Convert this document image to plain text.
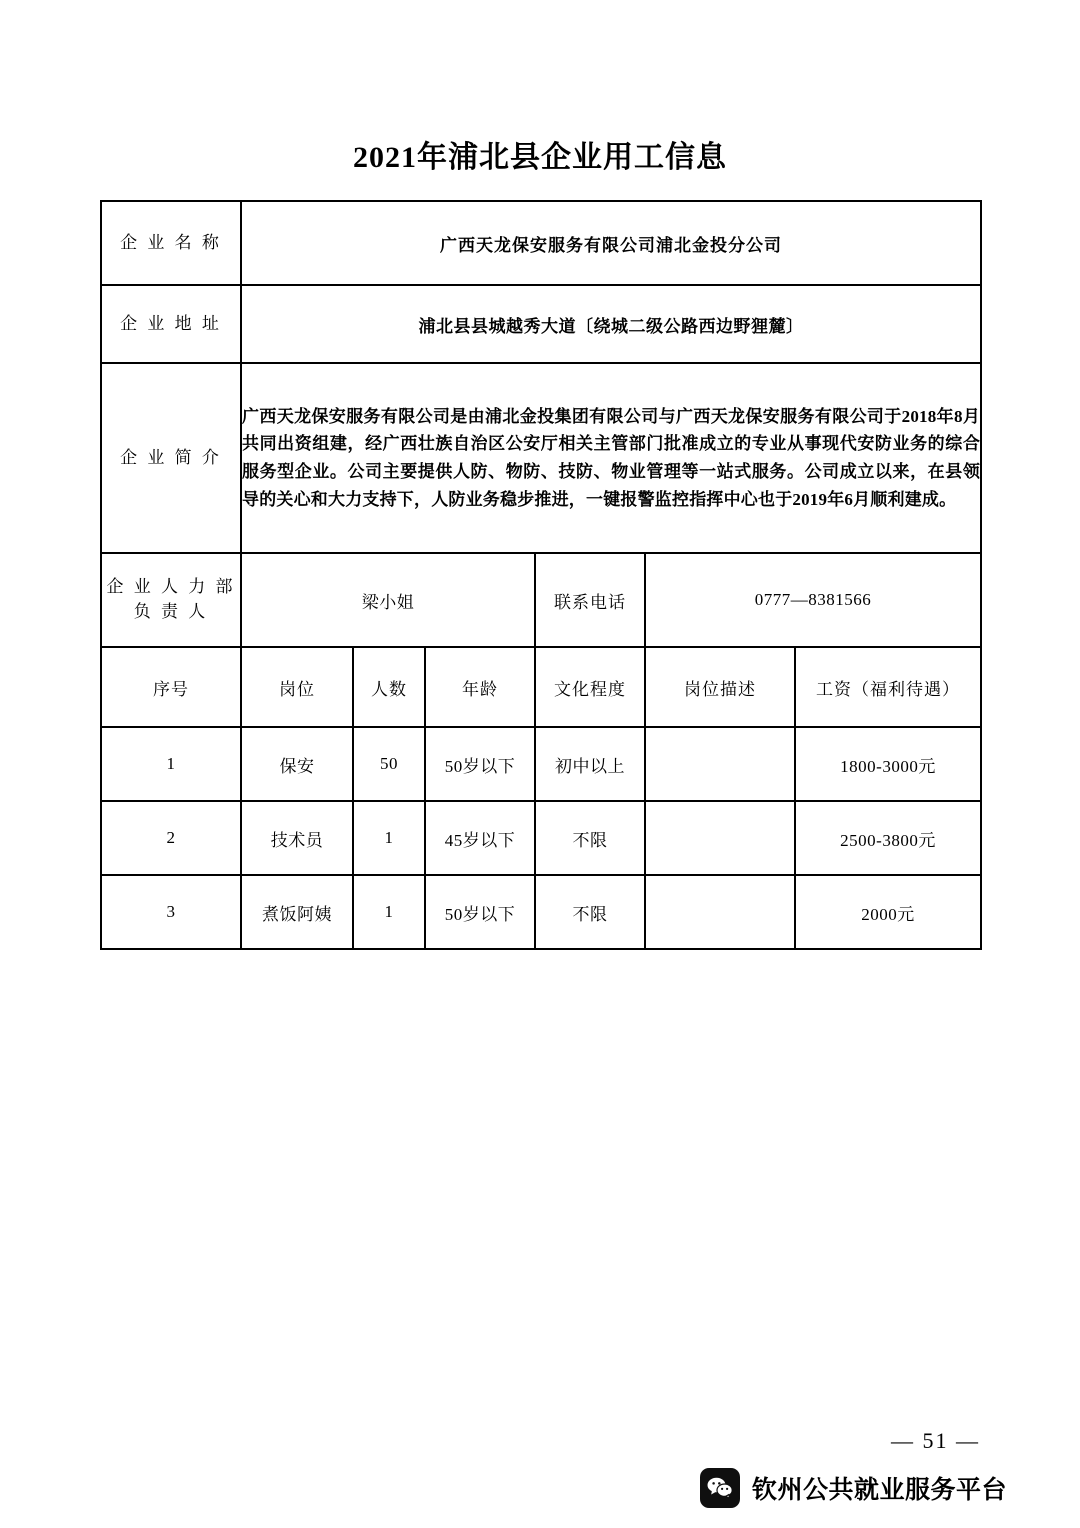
2021年浦北县企业用工信息
企 业 名 称	广西天龙保安服务有限公司浦北金投分公司					
企 业 地 址	浦北县县城越秀大道〔绕城二级公路西边野狸麓〕					
企 业 简 介	广西天龙保安服务有限公司是由浦北金投集团有限公司与广西天龙保安服务有限公司于2018年8月共同出资组建，经广西壮族自治区公安厅相关主管部门批准成立的专业从事现代安防业务的综合服务型企业。公司主要提供人防、物防、技防、物业管理等一站式服务。公司成立以来，在县领导的关心和大力支持下，人防业务稳步推进，一键报警监控指挥中心也于2019年6月顺利建成。					

企 业 人 力 部
负 责 人	梁小姐			联系电话	0777—8381566	
序号	岗位	人数	年龄	文化程度	岗位描述	工资（福利待遇）
1	保安	50	50岁以下	初中以上		1800-3000元
2	技术员	1	45岁以下	不限		2500-3800元
3	煮饭阿姨	1	50岁以下	不限		2000元
— 51 —
钦州公共就业服务平台
